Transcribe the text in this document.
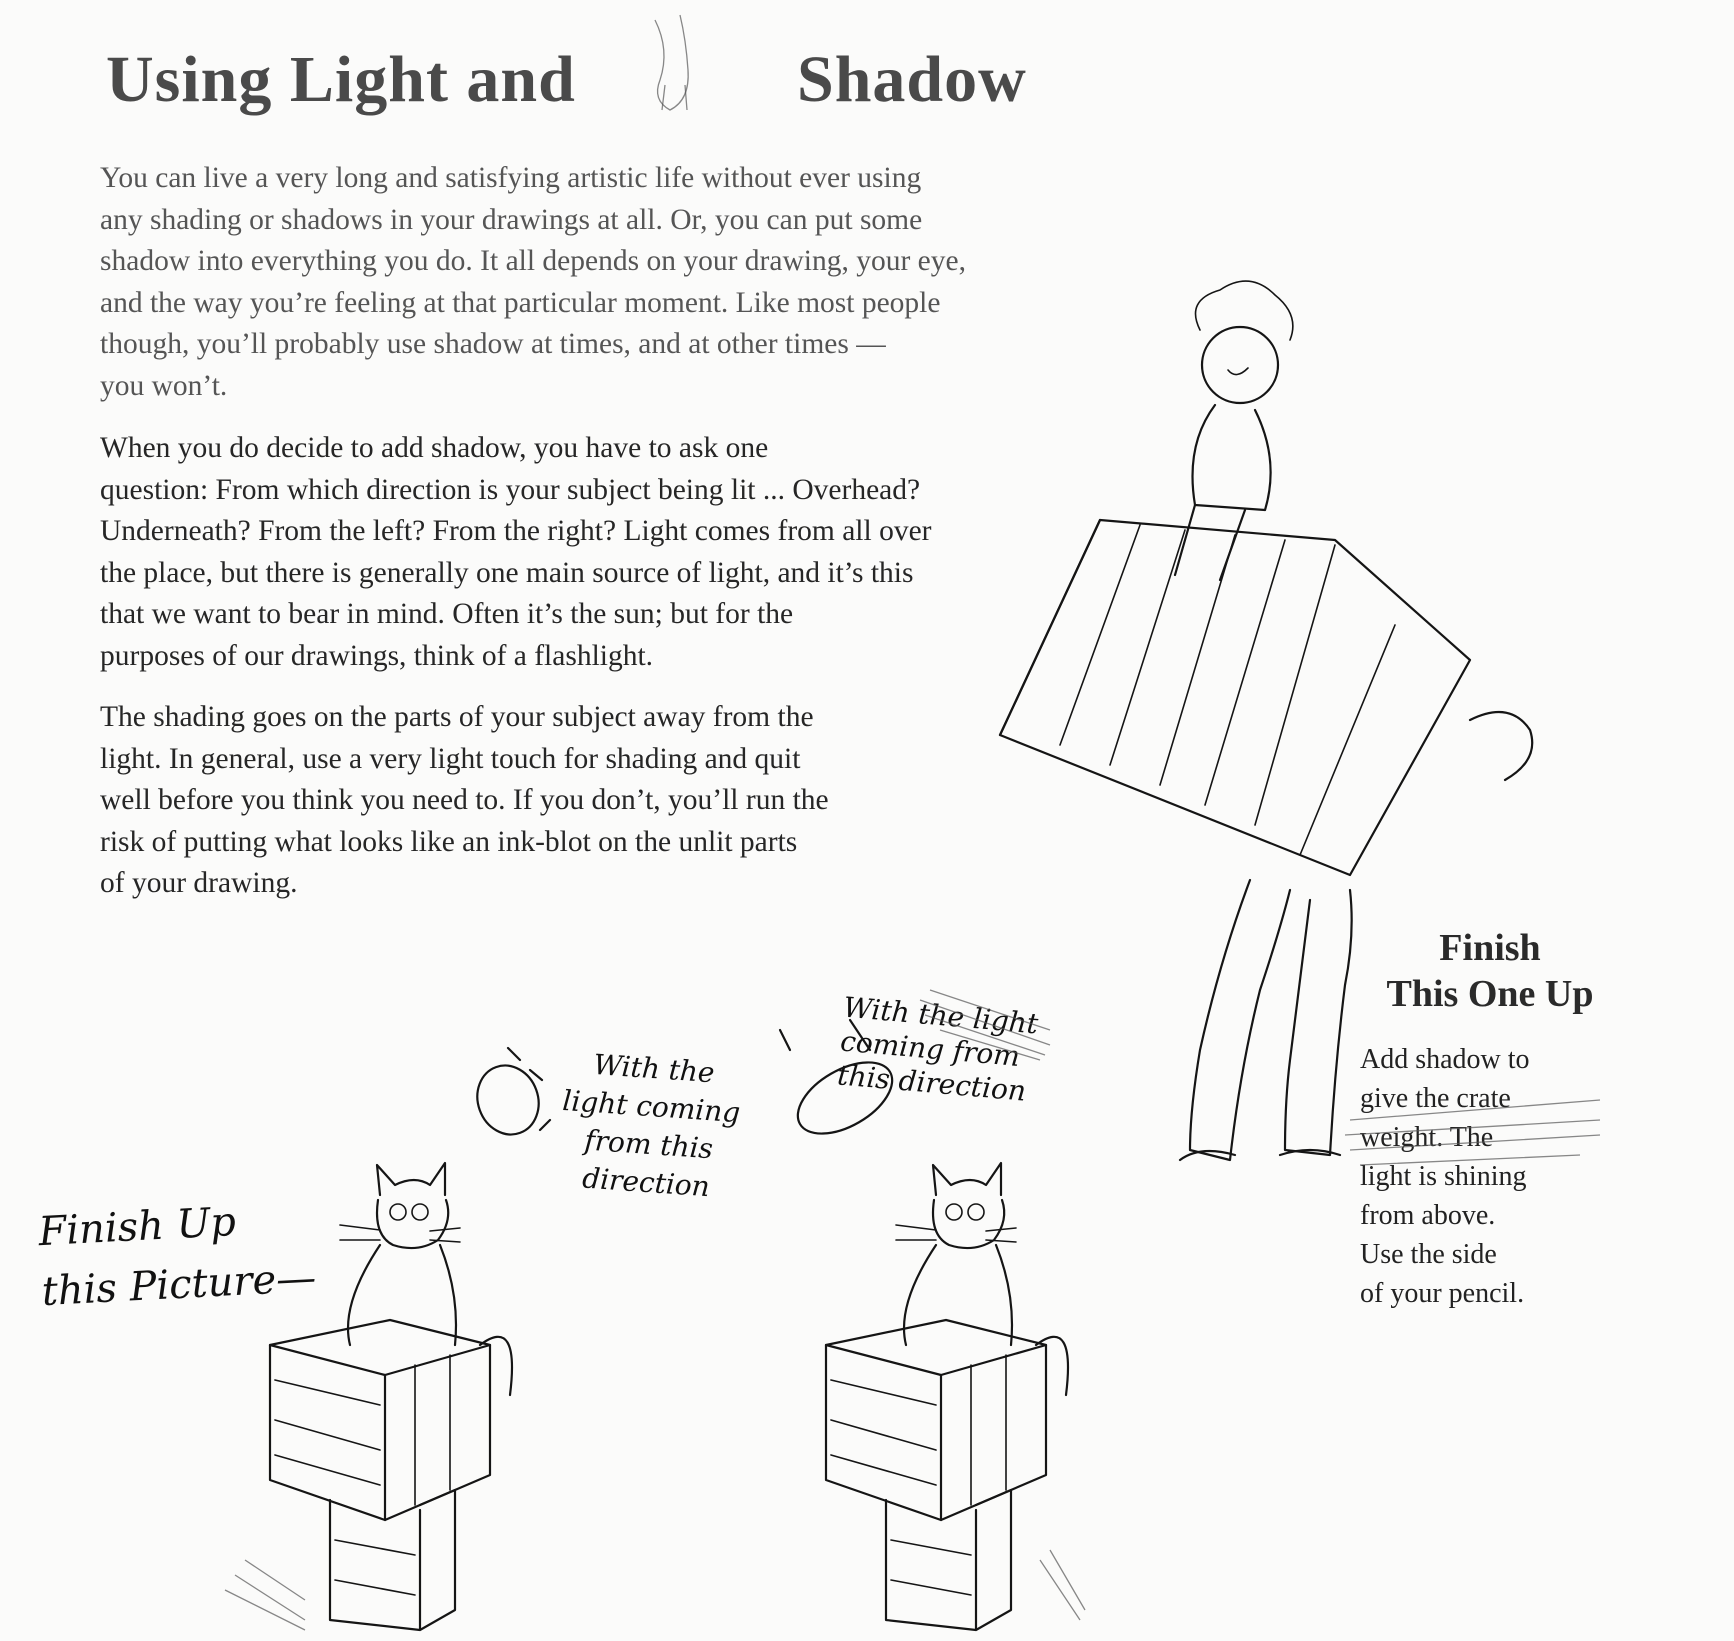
Using Light and	Shadow

You can live a very long and satisfying artistic life without ever using
any shading or shadows in your drawings at all. Or, you can put some
shadow into everything you do. It all depends on your drawing, your eye,
and the way you’re feeling at that particular moment. Like most people
though, you’ll probably use shadow at times, and at other times —
you won’t.

When you do decide to add shadow, you have to ask one
question: From which direction is your subject being lit ... Overhead?
Underneath? From the left? From the right? Light comes from all over
the place, but there is generally one main source of light, and it’s this
that we want to bear in mind. Often it’s the sun; but for the
purposes of our drawings, think of a flashlight.

The shading goes on the parts of your subject away from the
light. In general, use a very light touch for shading and quit
well before you think you need to. If you don’t, you’ll run the
risk of putting what looks like an ink-blot on the unlit parts
of your drawing.

Finish
This One Up
Add shadow to
give the crate
weight. The
light is shining
from above.
Use the side
of your pencil.
Finish Up
this Picture—
With the
light coming
from this
direction
With the light
coming from
this direction
